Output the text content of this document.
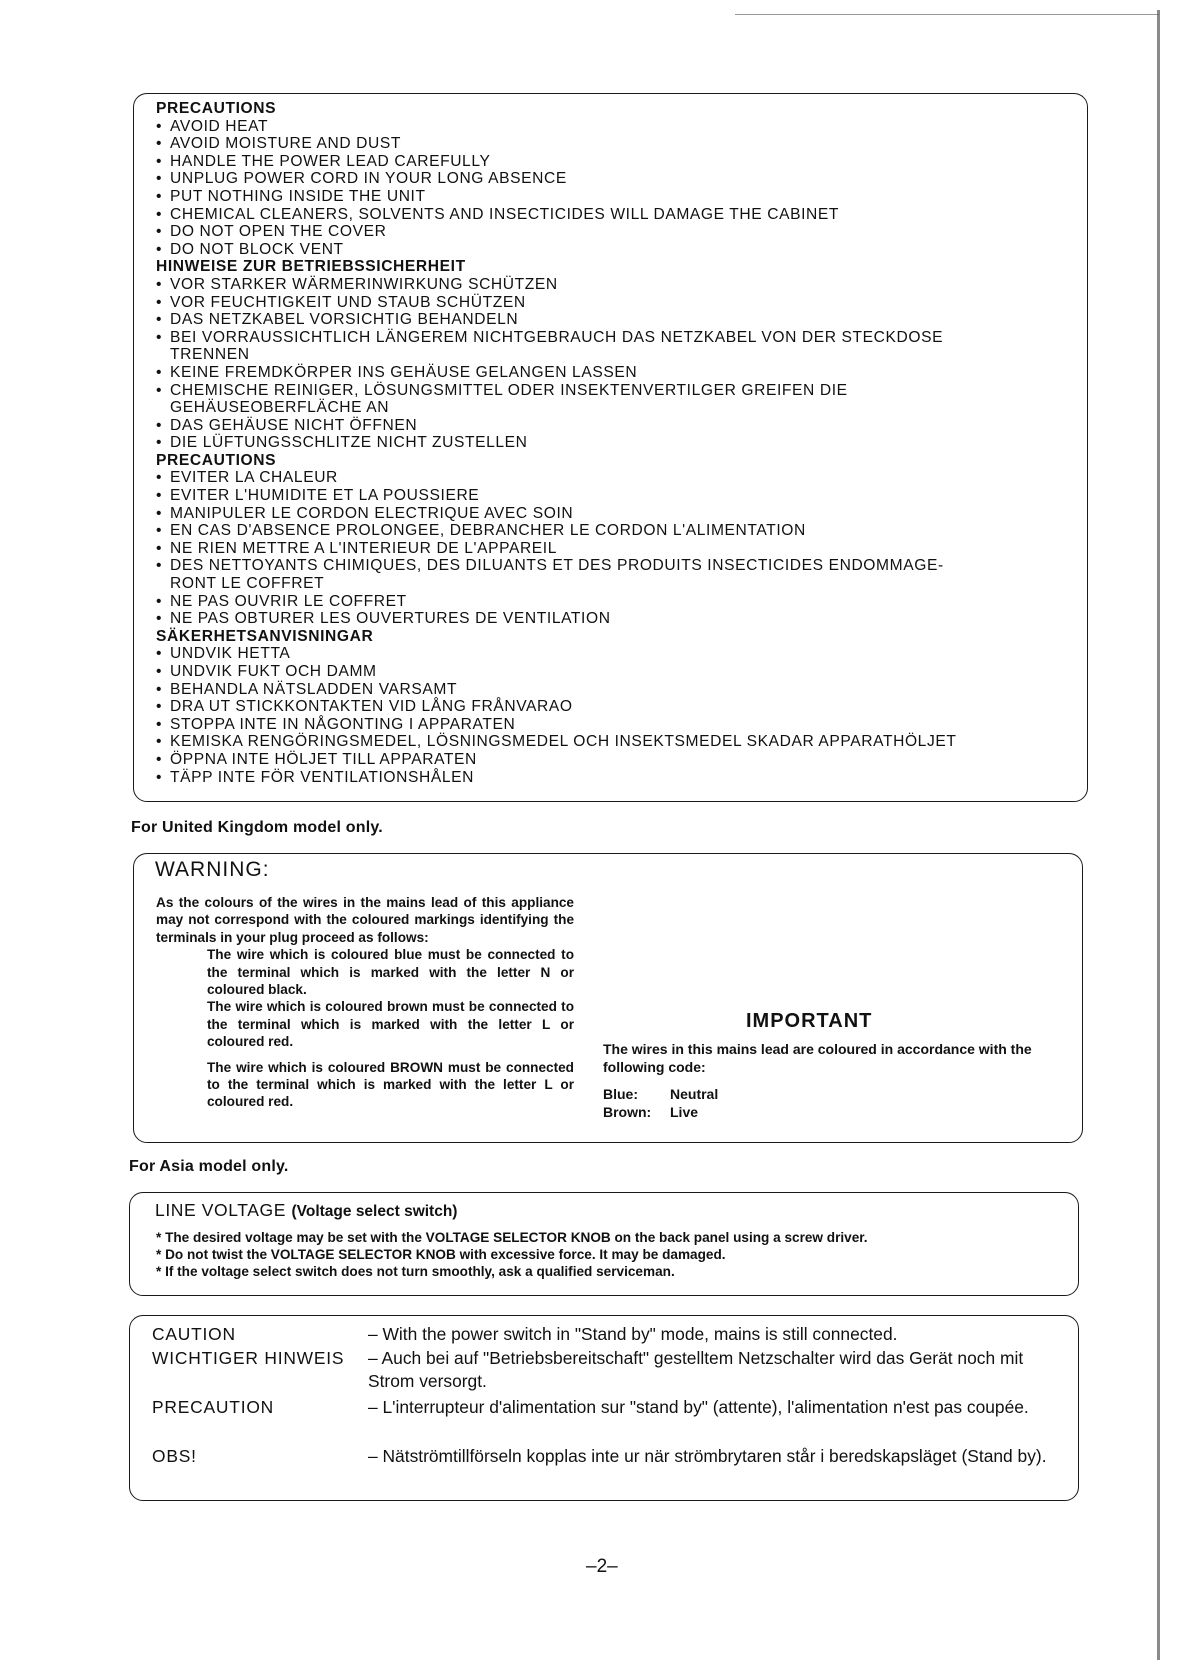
PRECAUTIONS
• AVOID HEAT
• AVOID MOISTURE AND DUST
• HANDLE THE POWER LEAD CAREFULLY
• UNPLUG POWER CORD IN YOUR LONG ABSENCE
• PUT NOTHING INSIDE THE UNIT
• CHEMICAL CLEANERS, SOLVENTS AND INSECTICIDES WILL DAMAGE THE CABINET
• DO NOT OPEN THE COVER
• DO NOT BLOCK VENT
HINWEISE ZUR BETRIEBSSICHERHEIT
• VOR STARKER WÄRMERINWIRKUNG SCHÜTZEN
• VOR FEUCHTIGKEIT UND STAUB SCHÜTZEN
• DAS NETZKABEL VORSICHTIG BEHANDELN
• BEI VORRAUSSICHTLICH LÄNGEREM NICHTGEBRAUCH DAS NETZKABEL VON DER STECKDOSE
TRENNEN
• KEINE FREMDKÖRPER INS GEHÄUSE GELANGEN LASSEN
• CHEMISCHE REINIGER, LÖSUNGSMITTEL ODER INSEKTENVERTILGER GREIFEN DIE
GEHÄUSEOBERFLÄCHE AN
• DAS GEHÄUSE NICHT ÖFFNEN
• DIE LÜFTUNGSSCHLITZE NICHT ZUSTELLEN
PRECAUTIONS
• EVITER LA CHALEUR
• EVITER L'HUMIDITE ET LA POUSSIERE
• MANIPULER LE CORDON ELECTRIQUE AVEC SOIN
• EN CAS D'ABSENCE PROLONGEE, DEBRANCHER LE CORDON L'ALIMENTATION
• NE RIEN METTRE A L'INTERIEUR DE L'APPAREIL
• DES NETTOYANTS CHIMIQUES, DES DILUANTS ET DES PRODUITS INSECTICIDES ENDOMMAGE-
RONT LE COFFRET
• NE PAS OUVRIR LE COFFRET
• NE PAS OBTURER LES OUVERTURES DE VENTILATION
SÄKERHETSANVISNINGAR
• UNDVIK HETTA
• UNDVIK FUKT OCH DAMM
• BEHANDLA NÄTSLADDEN VARSAMT
• DRA UT STICKKONTAKTEN VID LÅNG FRÅNVARAO
• STOPPA INTE IN NÅGONTING I APPARATEN
• KEMISKA RENGÖRINGSMEDEL, LÖSNINGSMEDEL OCH INSEKTSMEDEL SKADAR APPARATHÖLJET
• ÖPPNA INTE HÖLJET TILL APPARATEN
• TÄPP INTE FÖR VENTILATIONSHÅLEN
For United Kingdom model only.
WARNING:
As the colours of the wires in the mains lead of this appliance may not correspond with the coloured markings identifying the terminals in your plug proceed as follows:
The wire which is coloured blue must be connected to the terminal which is marked with the letter N or coloured black.
The wire which is coloured brown must be connected to the terminal which is marked with the letter L or coloured red.
The wire which is coloured BROWN must be connected to the terminal which is marked with the letter L or coloured red.
IMPORTANT
The wires in this mains lead are coloured in accordance with the following code:
Blue: Neutral
Brown: Live
For Asia model only.
LINE VOLTAGE (Voltage select switch)
* The desired voltage may be set with the VOLTAGE SELECTOR KNOB on the back panel using a screw driver.
* Do not twist the VOLTAGE SELECTOR KNOB with excessive force. It may be damaged.
* If the voltage select switch does not turn smoothly, ask a qualified serviceman.
CAUTION	– With the power switch in "Stand by" mode, mains is still connected.
WICHTIGER HINWEIS – Auch bei auf "Betriebsbereitschaft" gestelltem Netzschalter wird das Gerät noch mit Strom versorgt.
PRECAUTION	– L'interrupteur d'alimentation sur "stand by" (attente), l'alimentation n'est pas coupée.
OBS!	– Nätströmtillförseln kopplas inte ur när strömbrytaren står i beredskapsläget (Stand by).
–2–
